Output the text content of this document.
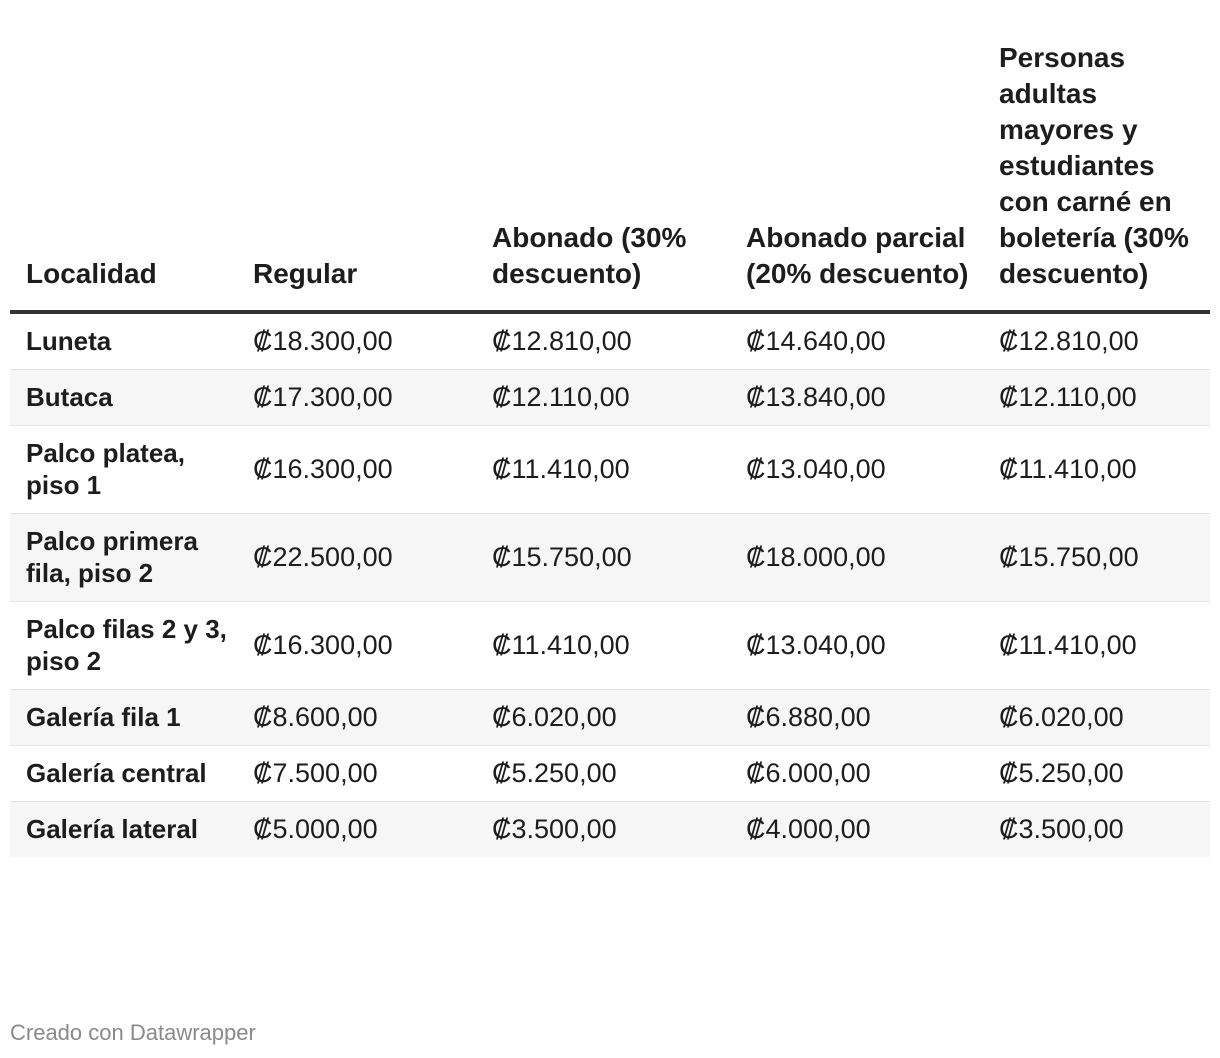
Localidad	Regular	Abonado (30% descuento)	Abonado parcial (20% descuento)	Personas adultas mayores y estudiantes con carné en boletería (30% descuento)
Luneta	₡18.300,00	₡12.810,00	₡14.640,00	₡12.810,00
Butaca	₡17.300,00	₡12.110,00	₡13.840,00	₡12.110,00
Palco platea, piso 1	₡16.300,00	₡11.410,00	₡13.040,00	₡11.410,00
Palco primera fila, piso 2	₡22.500,00	₡15.750,00	₡18.000,00	₡15.750,00
Palco filas 2 y 3, piso 2	₡16.300,00	₡11.410,00	₡13.040,00	₡11.410,00
Galería fila 1	₡8.600,00	₡6.020,00	₡6.880,00	₡6.020,00
Galería central	₡7.500,00	₡5.250,00	₡6.000,00	₡5.250,00
Galería lateral	₡5.000,00	₡3.500,00	₡4.000,00	₡3.500,00
Creado con Datawrapper
